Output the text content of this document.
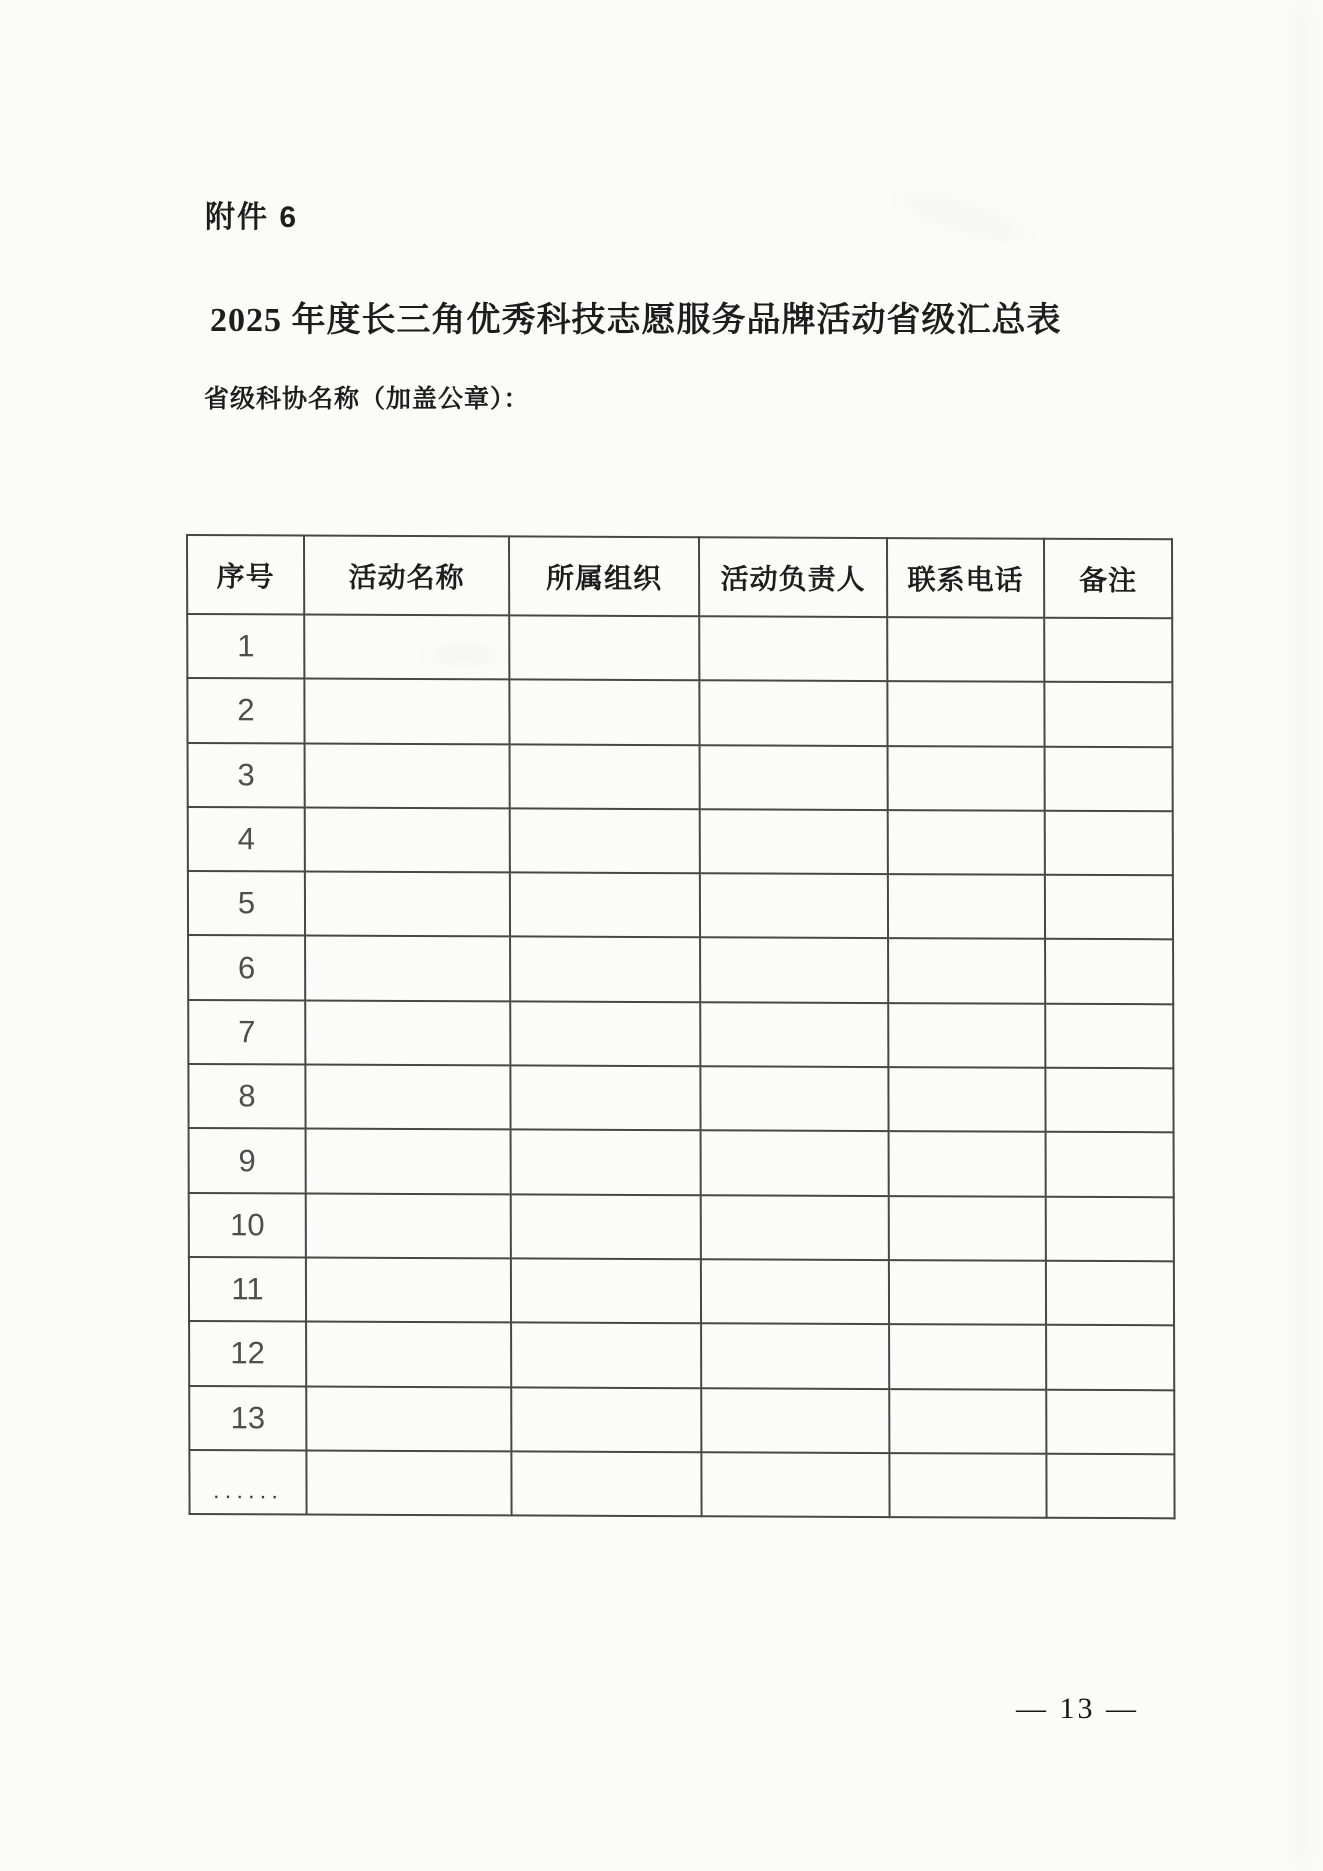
附件 6
2025 年度长三角优秀科技志愿服务品牌活动省级汇总表
省级科协名称（加盖公章）：
序号	活动名称	所属组织	活动负责人	联系电话	备注
1					
2					
3					
4					
5					
6					
7					
8					
9					
10					
11					
12					
13					

......					

— 13 —
